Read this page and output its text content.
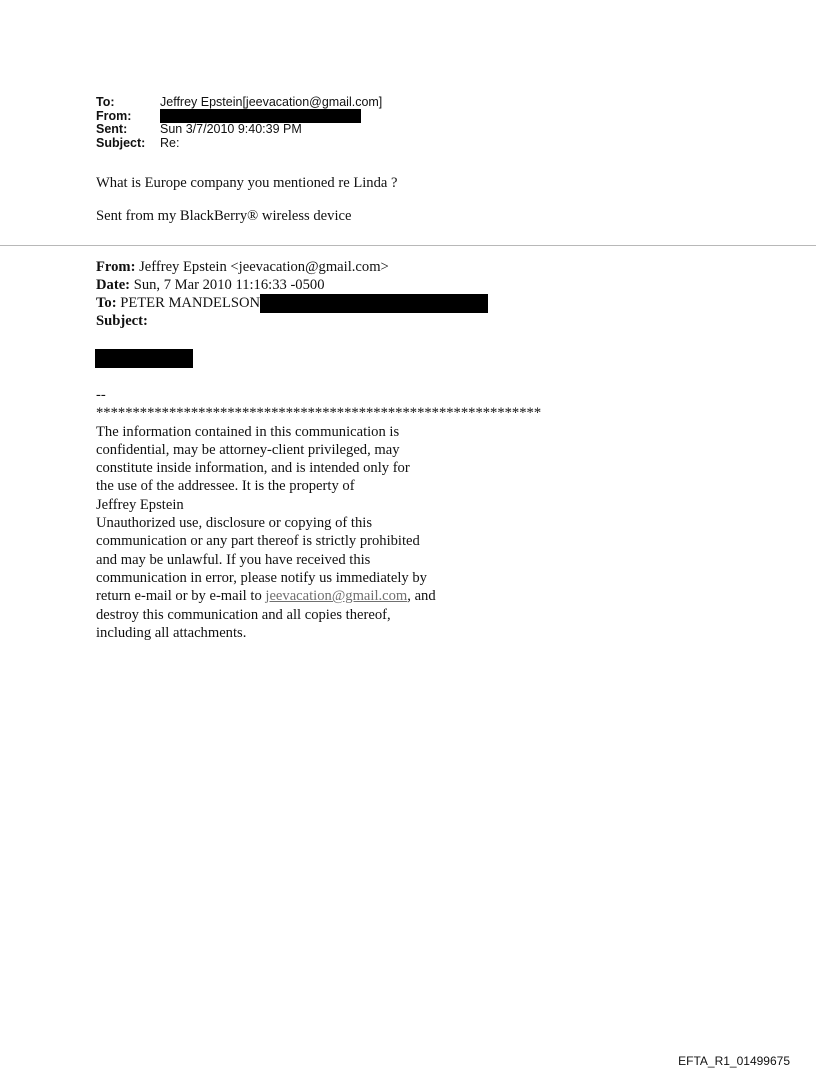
To:	Jeffrey Epstein[jeevacation@gmail.com]
From:
Sent:	Sun 3/7/2010 9:40:39 PM
Subject:	Re:

What is Europe company you mentioned re Linda ?

Sent from my BlackBerry® wireless device

From:
Jeffrey Epstein <jeevacation@gmail.com>
Date:
Sun, 7 Mar 2010 11:16:33 -0500
To:
PETER MANDELSON
Subject:
--
*************************************************************
The information contained in this communication is
confidential, may be attorney-client privileged, may
constitute inside information, and is intended only for
the use of the addressee. It is the property of
Jeffrey Epstein
Unauthorized use, disclosure or copying of this
communication or any part thereof is strictly prohibited
and may be unlawful. If you have received this
communication in error, please notify us immediately by
return e-mail or by e-mail to jeevacation@gmail.com, and
destroy this communication and all copies thereof,
including all attachments.
EFTA_R1_01499675
